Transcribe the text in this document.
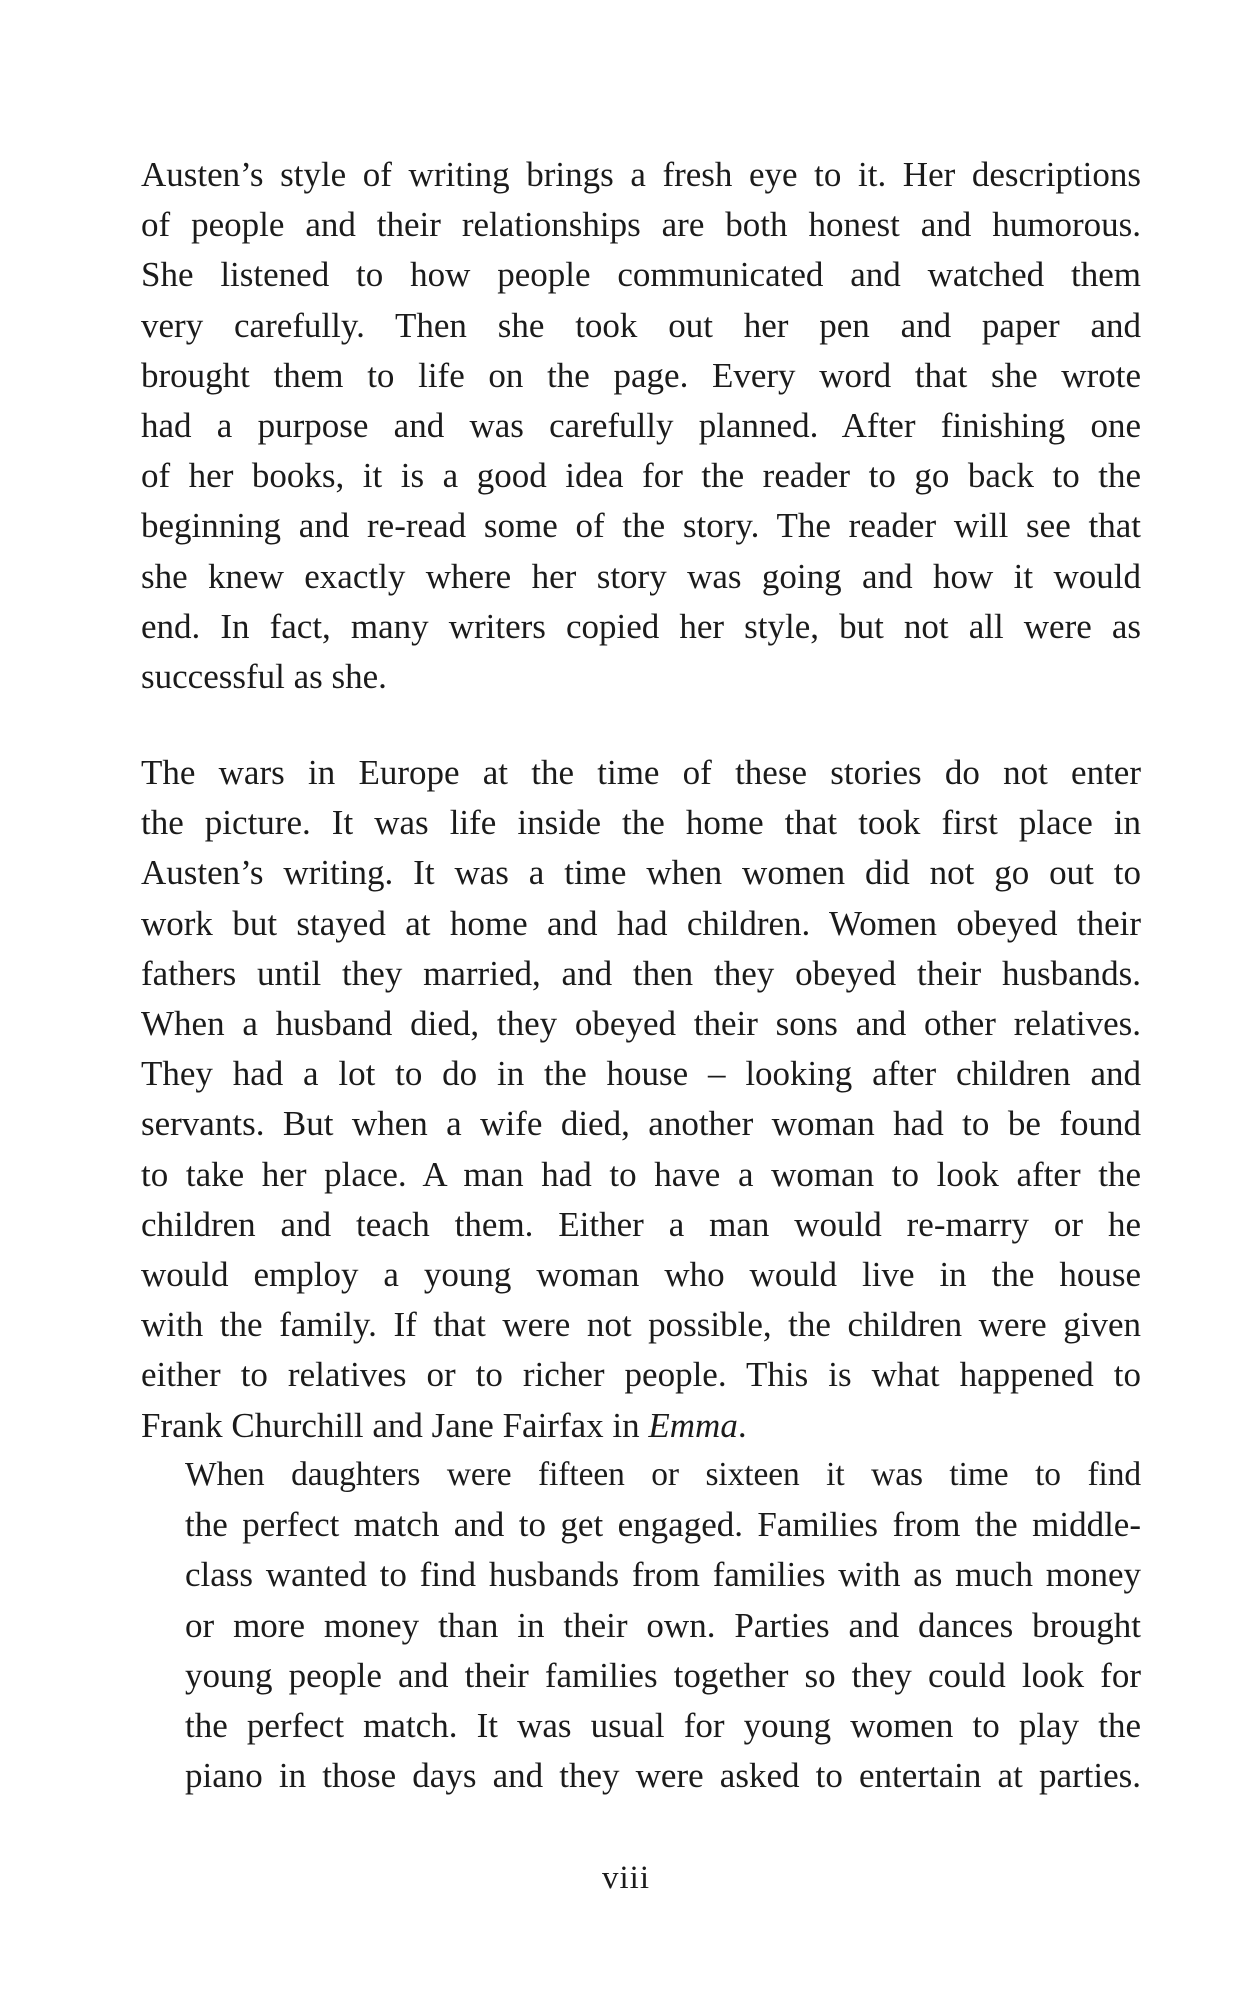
Austen’s style of writing brings a fresh eye to it. Her descriptions
of people and their relationships are both honest and humorous.
She listened to how people communicated and watched them
very carefully. Then she took out her pen and paper and
brought them to life on the page. Every word that she wrote
had a purpose and was carefully planned. After finishing one
of her books, it is a good idea for the reader to go back to the
beginning and re-read some of the story. The reader will see that
she knew exactly where her story was going and how it would
end. In fact, many writers copied her style, but not all were as
successful as she.

The wars in Europe at the time of these stories do not enter
the picture. It was life inside the home that took first place in
Austen’s writing. It was a time when women did not go out to
work but stayed at home and had children. Women obeyed their
fathers until they married, and then they obeyed their husbands.
When a husband died, they obeyed their sons and other relatives.
They had a lot to do in the house – looking after children and
servants. But when a wife died, another woman had to be found
to take her place. A man had to have a woman to look after the
children and teach them. Either a man would re-marry or he
would employ a young woman who would live in the house
with the family. If that were not possible, the children were given
either to relatives or to richer people. This is what happened to
Frank Churchill and Jane Fairfax in Emma.

When daughters were fifteen or sixteen it was time to find
the perfect match and to get engaged. Families from the middle-
class wanted to find husbands from families with as much money
or more money than in their own. Parties and dances brought
young people and their families together so they could look for
the perfect match. It was usual for young women to play the
piano in those days and they were asked to entertain at parties.

viii
